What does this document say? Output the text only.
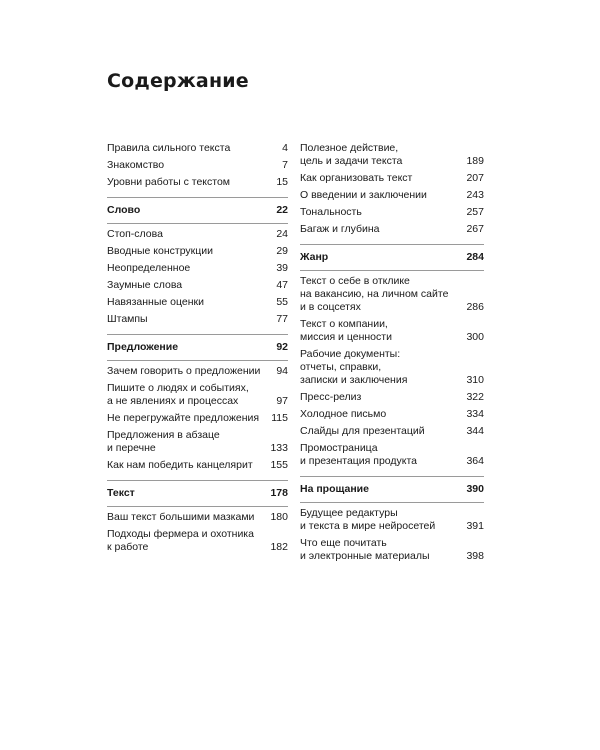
Содержание
Правила сильного текста	4
Знакомство	7
Уровни работы с текстом	15
Слово	22
Стоп-слова	24
Вводные конструкции	29
Неопределенное	39
Заумные слова	47
Навязанные оценки	55
Штампы	77
Предложение	92
Зачем говорить о предложении	94
Пишите о людях и событиях,
а не явлениях и процессах	97
Не перегружайте предложения	115
Предложения в абзаце
и перечне	133
Как нам победить канцелярит	155
Текст	178
Ваш текст большими мазками	180
Подходы фермера и охотника
к работе	182
Полезное действие,
цель и задачи текста	189
Как организовать текст	207
О введении и заключении	243
Тональность	257
Багаж и глубина	267
Жанр	284
Текст о себе в отклике
на вакансию, на личном сайте
и в соцсетях	286
Текст о компании,
миссия и ценности	300
Рабочие документы:
отчеты, справки,
записки и заключения	310
Пресс-релиз	322
Холодное письмо	334
Слайды для презентаций	344
Промостраница
и презентация продукта	364
На прощание	390
Будущее редактуры
и текста в мире нейросетей	391
Что еще почитать
и электронные материалы	398
